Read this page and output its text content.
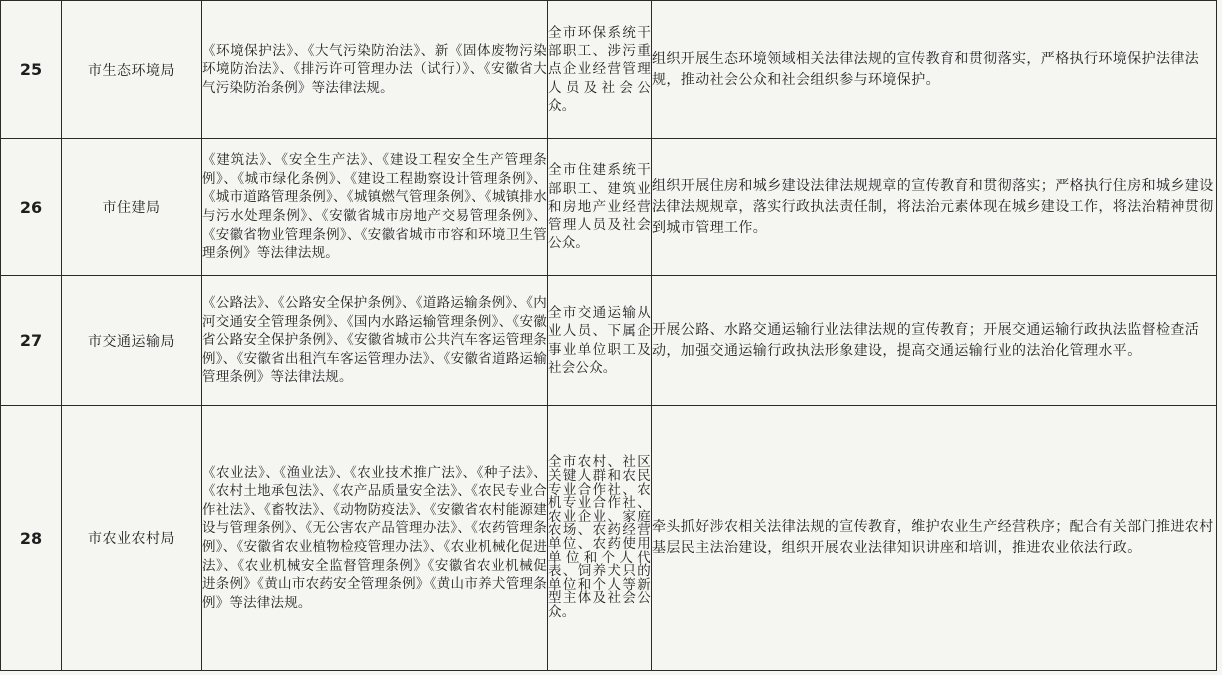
25	市生态环境局	《环境保护法》、《大气污染防治法》、新《固体废物污染环境防治法》、《排污许可管理办法（试行）》、《安徽省大气污染防治条例》等法律法规。	全市环保系统干部职工、涉污重点企业经营管理人员及社会公众。	组织开展生态环境领域相关法律法规的宣传教育和贯彻落实，严格执行环境保护法律法规，推动社会公众和社会组织参与环境保护。

26	市住建局	《建筑法》、《安全生产法》、《建设工程安全生产管理条例》、《城市绿化条例》、《建设工程勘察设计管理条例》、《城市道路管理条例》、《城镇燃气管理条例》、《城镇排水与污水处理条例》、《安徽省城市房地产交易管理条例》、《安徽省物业管理条例》、《安徽省城市市容和环境卫生管理条例》等法律法规。	全市住建系统干部职工、建筑业和房地产业经营管理人员及社会公众。	组织开展住房和城乡建设法律法规规章的宣传教育和贯彻落实；严格执行住房和城乡建设法律法规规章，落实行政执法责任制，将法治元素体现在城乡建设工作，将法治精神贯彻到城市管理工作。

27	市交通运输局	《公路法》、《公路安全保护条例》、《道路运输条例》、《内河交通安全管理条例》、《国内水路运输管理条例》、《安徽省公路安全保护条例》、《安徽省城市公共汽车客运管理条例》、《安徽省出租汽车客运管理办法》、《安徽省道路运输管理条例》等法律法规。	全市交通运输从业人员、下属企事业单位职工及社会公众。	开展公路、水路交通运输行业法律法规的宣传教育；开展交通运输行政执法监督检查活动，加强交通运输行政执法形象建设，提高交通运输行业的法治化管理水平。

28	市农业农村局	《农业法》、《渔业法》、《农业技术推广法》、《种子法》、《农村土地承包法》、《农产品质量安全法》、《农民专业合作社法》、《畜牧法》、《动物防疫法》、《安徽省农村能源建设与管理条例》、《无公害农产品管理办法》、《农药管理条例》、《安徽省农业植物检疫管理办法》、《农业机械化促进法》、《农业机械安全监督管理条例》《安徽省农业机械促进条例》《黄山市农药安全管理条例》《黄山市养犬管理条例》等法律法规。	全市农村、社区关键人群和农民专业合作社、农机专业合作社、农业企业、家庭农场、农药经营单位、农药使用单位和个人代表、饲养犬只的单位和个人等新型主体及社会公众。	牵头抓好涉农相关法律法规的宣传教育，维护农业生产经营秩序；配合有关部门推进农村基层民主法治建设，组织开展农业法律知识讲座和培训，推进农业依法行政。
